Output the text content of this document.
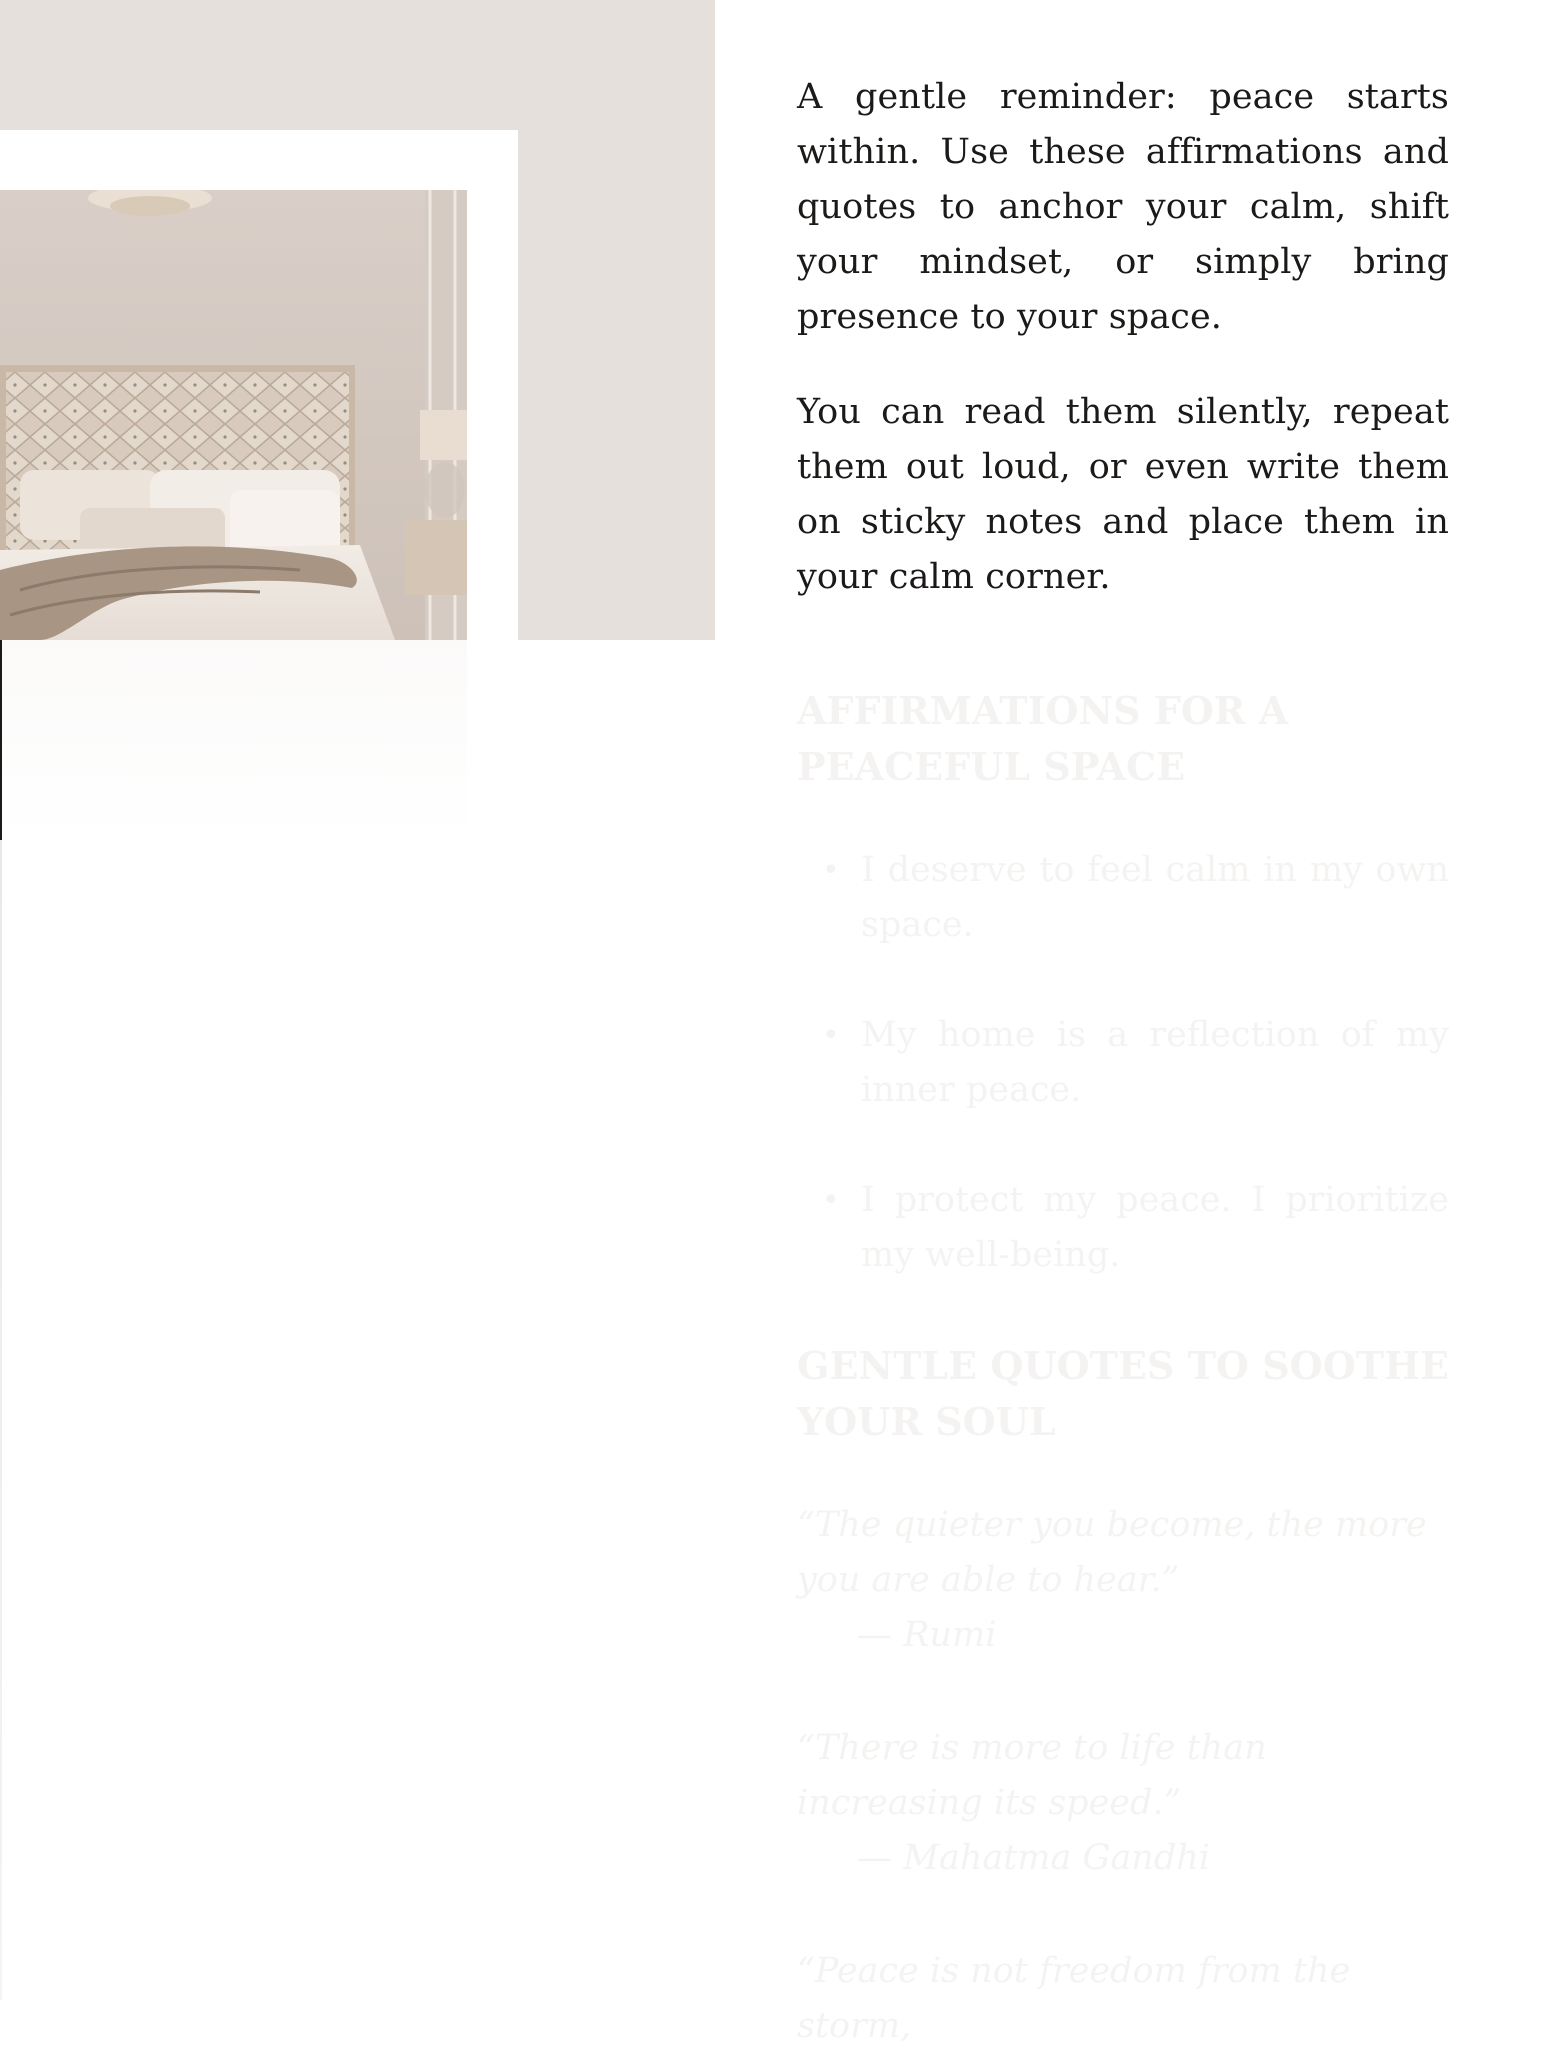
A gentle reminder: peace starts within. Use these affirmations and quotes to anchor your calm, shift your mindset, or simply bring presence to your space.

You can read them silently, repeat them out loud, or even write them on sticky notes and place them in your calm corner.

AFFIRMATIONS FOR A PEACEFUL SPACE
• I deserve to feel calm in my own space.
• My home is a reflection of my inner peace.
• I protect my peace. I prioritize my well-being.
GENTLE QUOTES TO SOOTHE YOUR SOUL
“The quieter you become, the more you are able to hear.”
— Rumi
“There is more to life than increasing its speed.”
— Mahatma Gandhi
“Peace is not freedom from the storm,
